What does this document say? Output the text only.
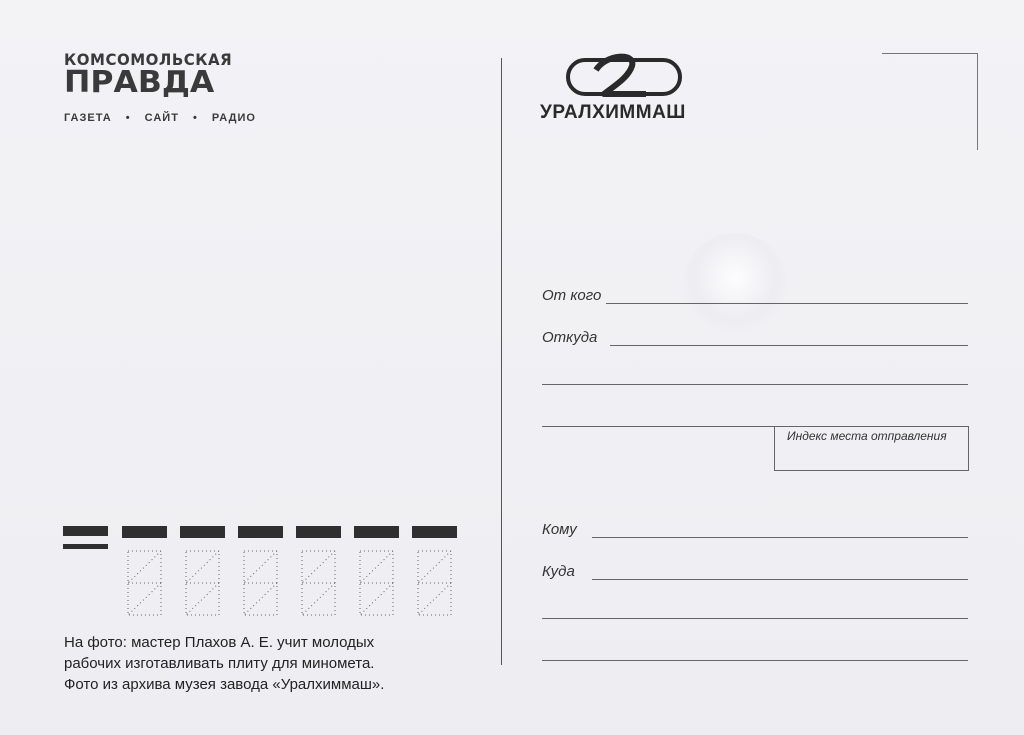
КОМСОМОЛЬСКАЯ
ПРАВДА
ГАЗЕТА • САЙТ • РАДИО
На фото: мастер Плахов А. Е. учит молодых
рабочих изготавливать плиту для миномета.
Фото из архива музея завода «Уралхиммаш».
УРАЛХИММАШ
От кого
Откуда
Индекс места отправления
Кому
Куда
